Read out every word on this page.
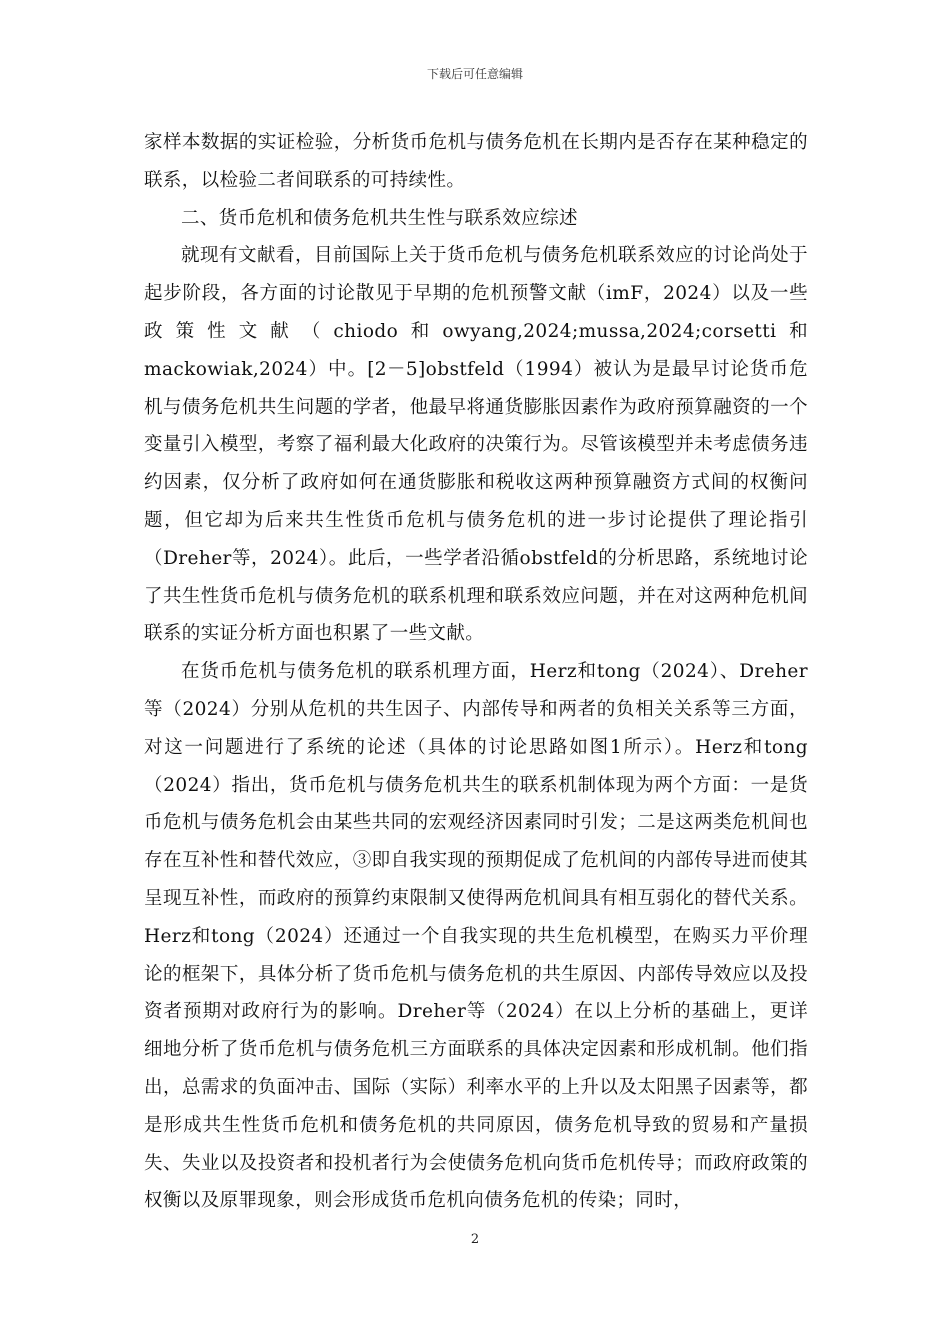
下载后可任意编辑

家样本数据的实证检验，分析货币危机与债务危机在长期内是否存在某种稳定的联系，以检验二者间联系的可持续性。

二、货币危机和债务危机共生性与联系效应综述

就现有文献看，目前国际上关于货币危机与债务危机联系效应的讨论尚处于起步阶段，各方面的讨论散见于早期的危机预警文献（imF，2024）以及一些政策性文献（chiodo和owyang,2024;mussa,2024;corsetti和mackowiak,2024）中。[2－5]obstfeld（1994）被认为是最早讨论货币危机与债务危机共生问题的学者，他最早将通货膨胀因素作为政府预算融资的一个变量引入模型，考察了福利最大化政府的决策行为。尽管该模型并未考虑债务违约因素，仅分析了政府如何在通货膨胀和税收这两种预算融资方式间的权衡问题，但它却为后来共生性货币危机与债务危机的进一步讨论提供了理论指引（Dreher等，2024）。此后，一些学者沿循obstfeld的分析思路，系统地讨论了共生性货币危机与债务危机的联系机理和联系效应问题，并在对这两种危机间联系的实证分析方面也积累了一些文献。

在货币危机与债务危机的联系机理方面，Herz和tong（2024）、Dreher等（2024）分别从危机的共生因子、内部传导和两者的负相关关系等三方面，对这一问题进行了系统的论述（具体的讨论思路如图1所示）。Herz和tong（2024）指出，货币危机与债务危机共生的联系机制体现为两个方面：一是货币危机与债务危机会由某些共同的宏观经济因素同时引发；二是这两类危机间也存在互补性和替代效应，③即自我实现的预期促成了危机间的内部传导进而使其呈现互补性，而政府的预算约束限制又使得两危机间具有相互弱化的替代关系。Herz和tong（2024）还通过一个自我实现的共生危机模型，在购买力平价理论的框架下，具体分析了货币危机与债务危机的共生原因、内部传导效应以及投资者预期对政府行为的影响。Dreher等（2024）在以上分析的基础上，更详细地分析了货币危机与债务危机三方面联系的具体决定因素和形成机制。他们指出，总需求的负面冲击、国际（实际）利率水平的上升以及太阳黑子因素等，都是形成共生性货币危机和债务危机的共同原因，债务危机导致的贸易和产量损失、失业以及投资者和投机者行为会使债务危机向货币危机传导；而政府政策的权衡以及原罪现象，则会形成货币危机向债务危机的传染；同时，

2
